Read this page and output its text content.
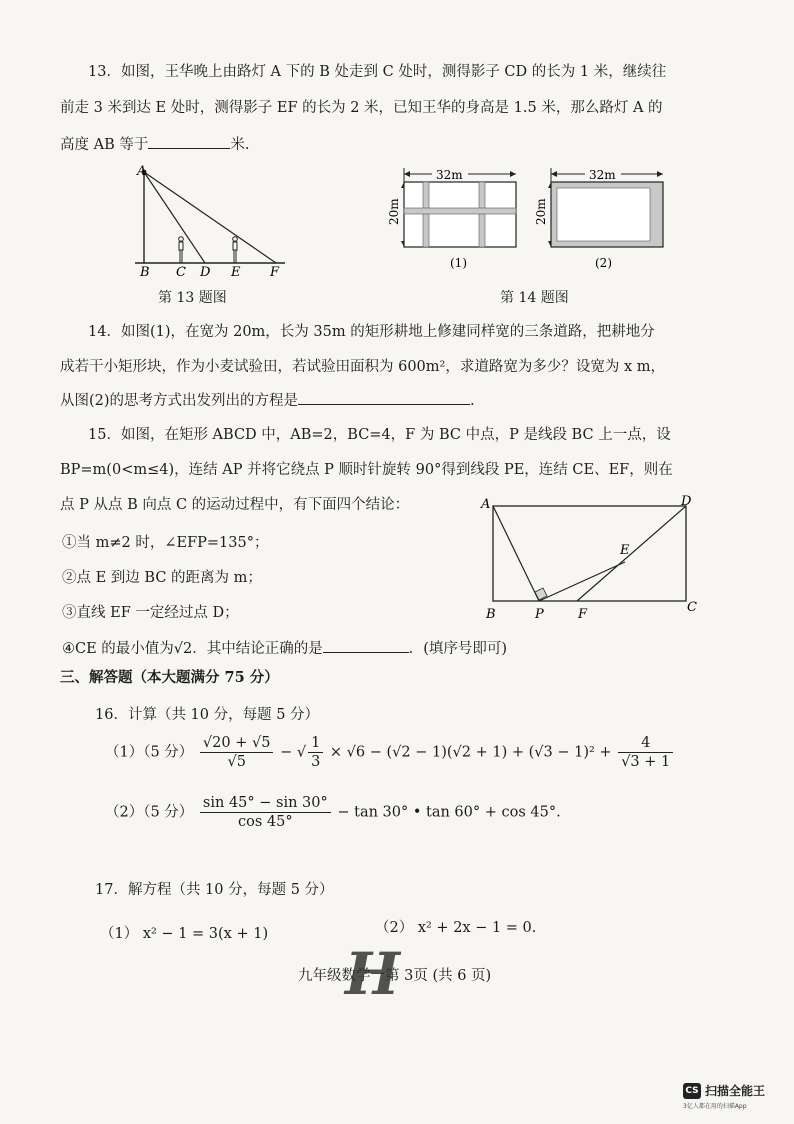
13．如图，王华晚上由路灯 A 下的 B 处走到 C 处时，测得影子 CD 的长为 1 米，继续往
前走 3 米到达 E 处时，测得影子 EF 的长为 2 米，已知王华的身高是 1.5 米，那么路灯 A 的
高度 AB 等于	米.
A
B C D E F
第 13 题图
32m
20m
(1)
32m
20m
(2)
第 14 题图
14．如图(1)，在宽为 20m，长为 35m 的矩形耕地上修建同样宽的三条道路，把耕地分
成若干小矩形块，作为小麦试验田，若试验田面积为 600m²，求道路宽为多少？设宽为 x m，
从图(2)的思考方式出发列出的方程是	.
15．如图，在矩形 ABCD 中，AB=2，BC=4，F 为 BC 中点，P 是线段 BC 上一点，设
BP=m(0<m≤4)，连结 AP 并将它绕点 P 顺时针旋转 90°得到线段 PE，连结 CE、EF，则在
点 P 从点 B 向点 C 的运动过程中，有下面四个结论：
①当 m≠2 时，∠EFP=135°；
②点 E 到边 BC 的距离为 m；
③直线 EF 一定经过点 D；
④CE 的最小值为√2．其中结论正确的是	．(填序号即可)
A	D
E
B	P	F	C
三、解答题（本大题满分 75 分）
16．计算（共 10 分，每题 5 分）
（1）（5 分） $\frac{√20 + √5}{√5}$ − √ $\frac{1}{3} \times √6 - (√2 - 1)(√2 + 1) + (√3 - 1)^2 + \frac{4}{√3 + 1}$
（2）（5 分） $\frac{\sin 45^\circ - \sin 30^\circ}{\cos 45^\circ} - \tan 30^\circ$ • tan 60° + cos 45°.
17．解方程（共 10 分，每题 5 分）
（1） x² − 1 = 3(x + 1)	（2） x² + 2x − 1 = 0.
九年级数学一第 3页 (共 6 页)
H
CS 扫描全能王
3亿人都在用的扫描App
